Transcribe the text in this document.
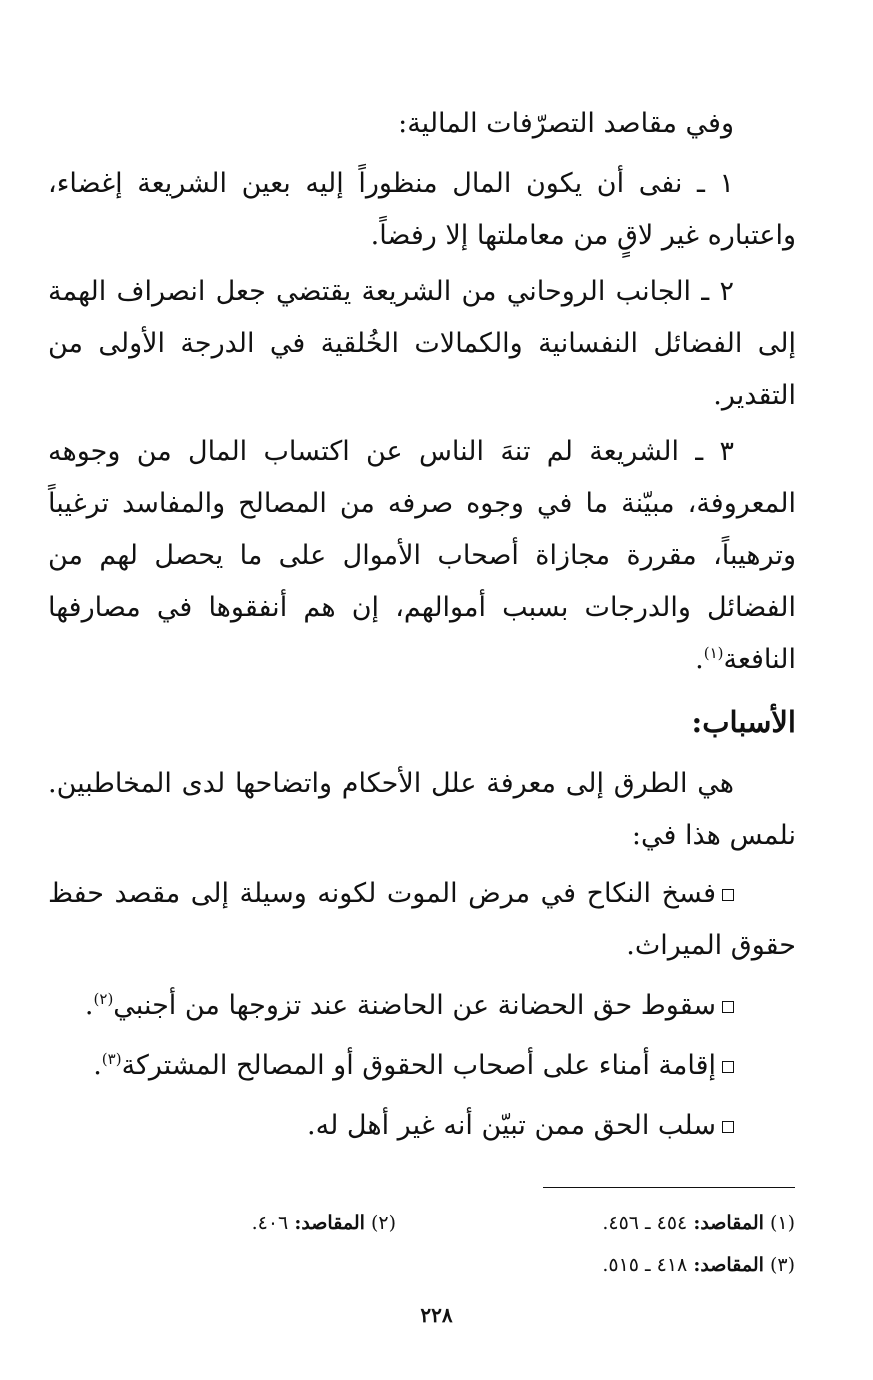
وفي مقاصد التصرّفات المالية:
١ ـ نفى أن يكون المال منظوراً إليه بعين الشريعة إغضاء، واعتباره غير لاقٍ من معاملتها إلا رفضاً.
٢ ـ الجانب الروحاني من الشريعة يقتضي جعل انصراف الهمة إلى الفضائل النفسانية والكمالات الخُلقية في الدرجة الأولى من التقدير.
٣ ـ الشريعة لم تنهَ الناس عن اكتساب المال من وجوهه المعروفة، مبيّنة ما في وجوه صرفه من المصالح والمفاسد ترغيباً وترهيباً، مقررة مجازاة أصحاب الأموال على ما يحصل لهم من الفضائل والدرجات بسبب أموالهم، إن هم أنفقوها في مصارفها النافعة$^{(١)}$.
الأسباب:
هي الطرق إلى معرفة علل الأحكام واتضاحها لدى المخاطبين. نلمس هذا في:
فسخ النكاح في مرض الموت لكونه وسيلة إلى مقصد حفظ حقوق الميراث.
سقوط حق الحضانة عن الحاضنة عند تزوجها من أجنبي$^{(٢)}$.
إقامة أمناء على أصحاب الحقوق أو المصالح المشتركة$^{(٣)}$.
سلب الحق ممن تبيّن أنه غير أهل له.
(١) المقاصد: ٤٥٤ ـ ٤٥٦.
(٢) المقاصد: ٤٠٦.
(٣) المقاصد: ٤١٨ ـ ٥١٥.
٢٢٨
